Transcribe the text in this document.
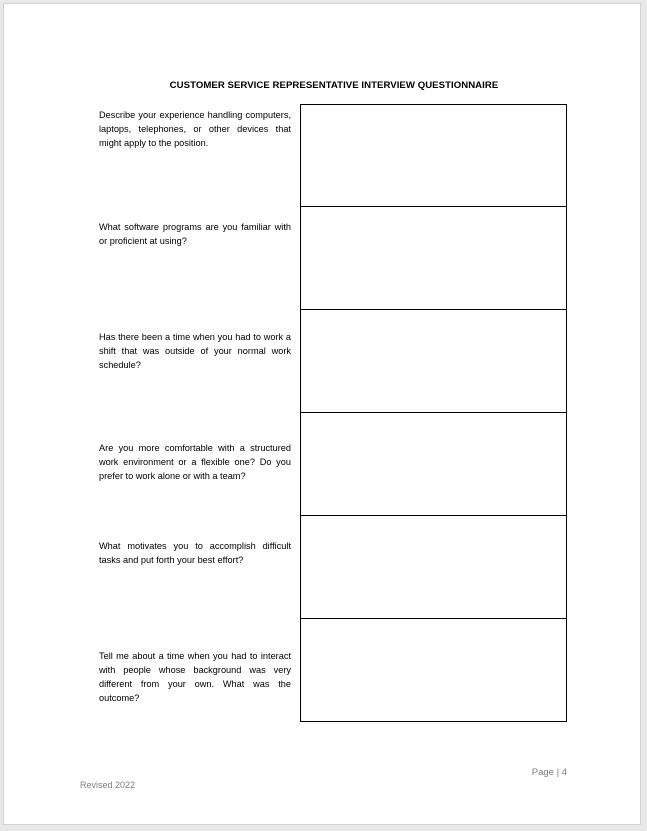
CUSTOMER SERVICE REPRESENTATIVE INTERVIEW QUESTIONNAIRE
Describe your experience handling computers, laptops, telephones, or other devices that might apply to the position.
What software programs are you familiar with or proficient at using?
Has there been a time when you had to work a shift that was outside of your normal work schedule?
Are you more comfortable with a structured work environment or a flexible one? Do you prefer to work alone or with a team?
What motivates you to accomplish difficult tasks and put forth your best effort?
Tell me about a time when you had to interact with people whose background was very different from your own. What was the outcome?
Page | 4
Revised 2022
